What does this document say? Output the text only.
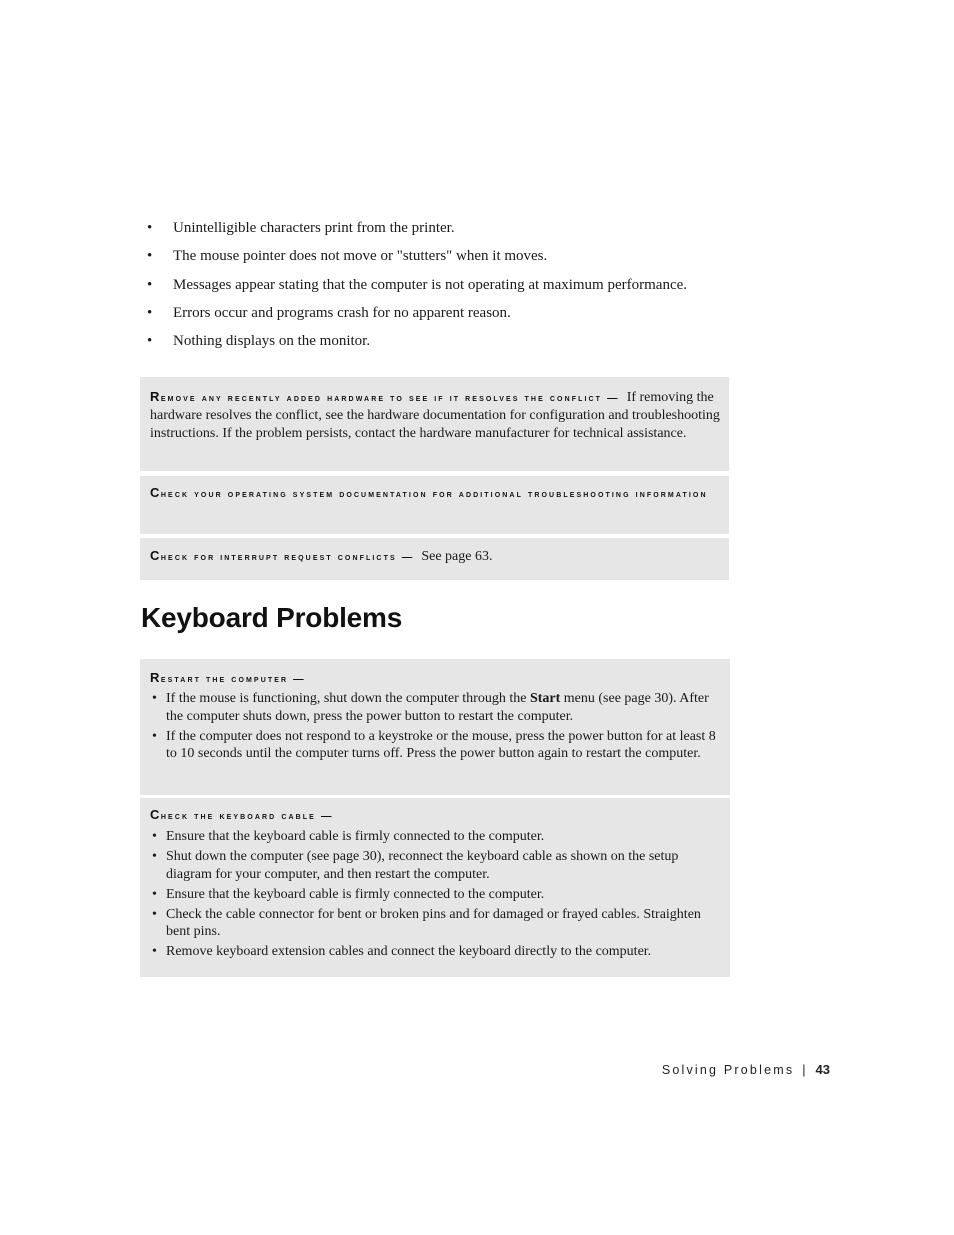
• Unintelligible characters print from the printer.
• The mouse pointer does not move or "stutters" when it moves.
• Messages appear stating that the computer is not operating at maximum performance.
• Errors occur and programs crash for no apparent reason.
• Nothing displays on the monitor.
Remove any recently added hardware to see if it resolves the conflict — If removing the hardware resolves the conflict, see the hardware documentation for configuration and troubleshooting instructions. If the problem persists, contact the hardware manufacturer for technical assistance.
Check your operating system documentation for additional troubleshooting information
Check for interrupt request conflicts — See page 63.
Keyboard Problems
Restart the computer —
• If the mouse is functioning, shut down the computer through the Start menu (see page 30). After the computer shuts down, press the power button to restart the computer.
• If the computer does not respond to a keystroke or the mouse, press the power button for at least 8 to 10 seconds until the computer turns off. Press the power button again to restart the computer.
Check the keyboard cable —
• Ensure that the keyboard cable is firmly connected to the computer.
• Shut down the computer (see page 30), reconnect the keyboard cable as shown on the setup diagram for your computer, and then restart the computer.
• Ensure that the keyboard cable is firmly connected to the computer.
• Check the cable connector for bent or broken pins and for damaged or frayed cables. Straighten bent pins.
• Remove keyboard extension cables and connect the keyboard directly to the computer.
Solving Problems | 43
